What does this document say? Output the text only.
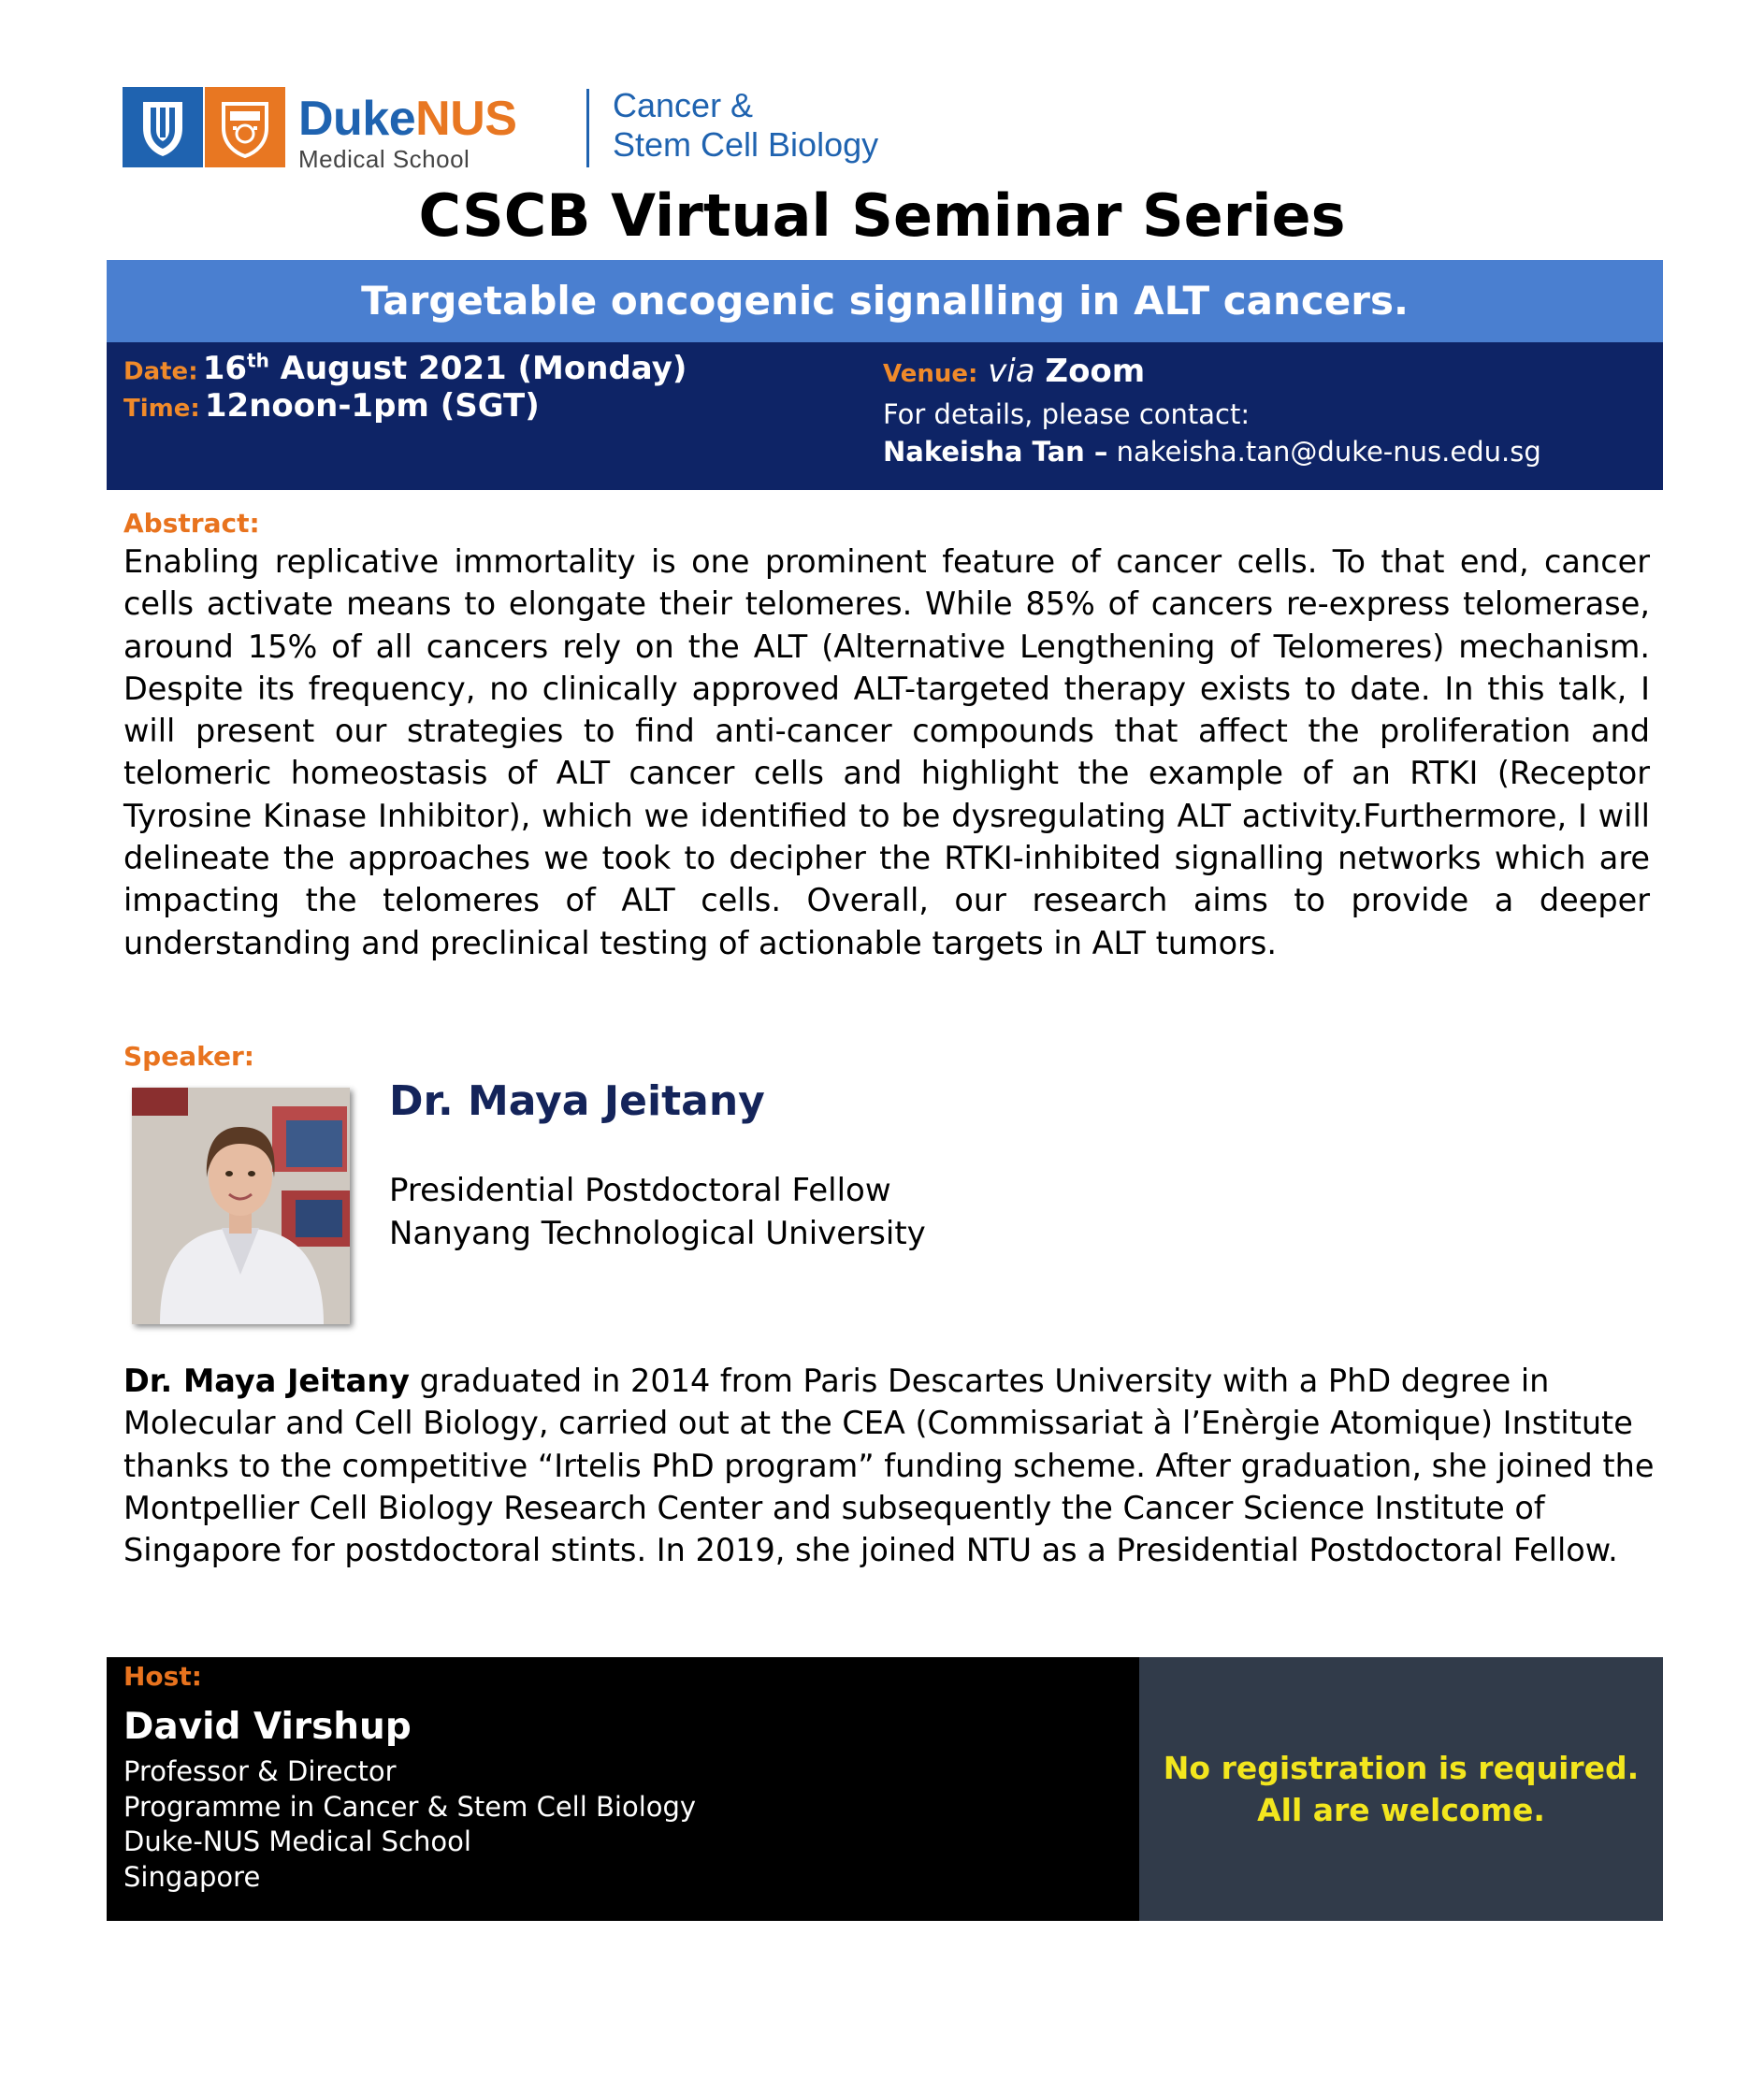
DukeNUS
Medical School
Cancer &
Stem Cell Biology
CSCB Virtual Seminar Series
Targetable oncogenic signalling in ALT cancers.
Date: 16th August 2021 (Monday)
Time: 12noon-1pm (SGT)
Venue: via Zoom
For details, please contact:
Nakeisha Tan – nakeisha.tan@duke-nus.edu.sg
Abstract:

Enabling replicative immortality is one prominent feature of cancer cells. To that end, cancer cells activate means to elongate their telomeres. While 85% of cancers re-express telomerase, around 15% of all cancers rely on the ALT (Alternative Lengthening of Telomeres) mechanism. Despite its frequency, no clinically approved ALT-targeted therapy exists to date. In this talk, I will present our strategies to find anti-cancer compounds that affect the proliferation and telomeric homeostasis of ALT cancer cells and highlight the example of an RTKI (Receptor Tyrosine Kinase Inhibitor), which we identified to be dysregulating ALT activity.Furthermore, I will delineate the approaches we took to decipher the RTKI-inhibited signalling networks which are impacting the telomeres of ALT cells. Overall, our research aims to provide a deeper understanding and preclinical testing of actionable targets in ALT tumors.

Speaker:
Dr. Maya Jeitany
Presidential Postdoctoral Fellow
Nanyang Technological University

Dr. Maya Jeitany graduated in 2014 from Paris Descartes University with a PhD degree in Molecular and Cell Biology, carried out at the CEA (Commissariat à l’Enèrgie Atomique) Institute thanks to the competitive “Irtelis PhD program” funding scheme. After graduation, she joined the Montpellier Cell Biology Research Center and subsequently the Cancer Science Institute of Singapore for postdoctoral stints. In 2019, she joined NTU as a Presidential Postdoctoral Fellow.

Host:
David Virshup
Professor & Director
Programme in Cancer & Stem Cell Biology
Duke-NUS Medical School
Singapore
No registration is required.
All are welcome.
